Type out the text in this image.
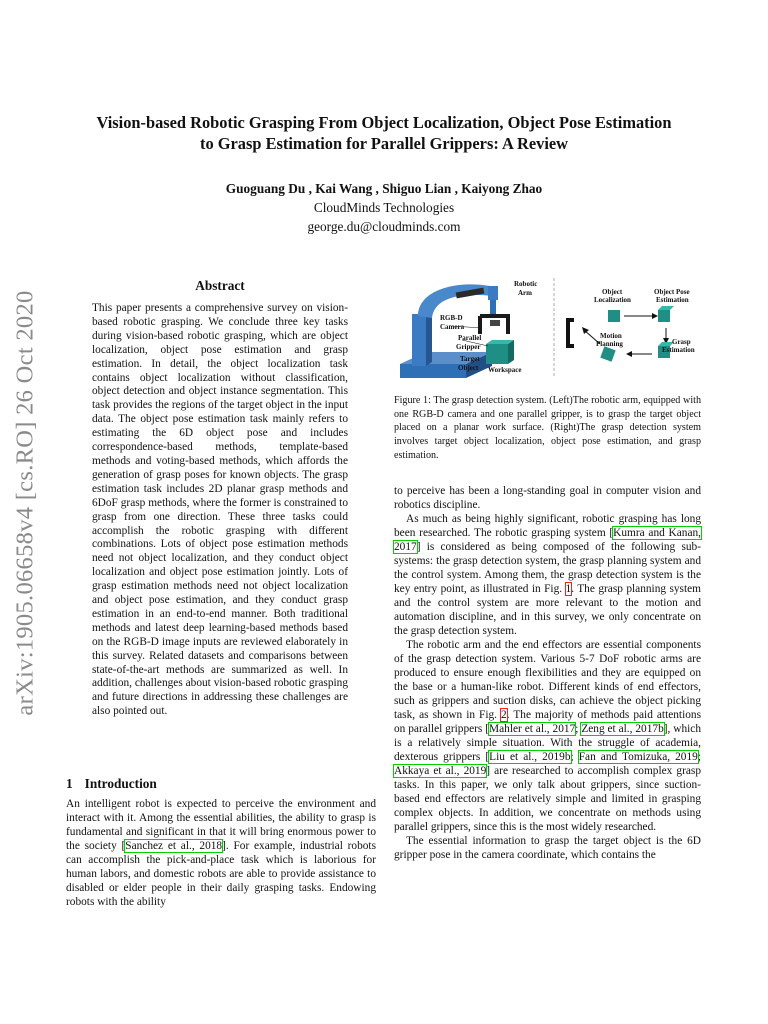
arXiv:1905.06658v4 [cs.RO] 26 Oct 2020
Vision-based Robotic Grasping From Object Localization, Object Pose Estimation
to Grasp Estimation for Parallel Grippers: A Review
Guoguang Du , Kai Wang , Shiguo Lian , Kaiyong Zhao
CloudMinds Technologies
george.du@cloudminds.com
Abstract

This paper presents a comprehensive survey on vision-based robotic grasping. We conclude three key tasks during vision-based robotic grasping, which are object localization, object pose estimation and grasp estimation. In detail, the object localization task contains object localization without classification, object detection and object instance segmentation. This task provides the regions of the target object in the input data. The object pose estimation task mainly refers to estimating the 6D object pose and includes correspondence-based methods, template-based methods and voting-based methods, which affords the generation of grasp poses for known objects. The grasp estimation task includes 2D planar grasp methods and 6DoF grasp methods, where the former is constrained to grasp from one direction. These three tasks could accomplish the robotic grasping with different combinations. Lots of object pose estimation methods need not object localization, and they conduct object localization and object pose estimation jointly. Lots of grasp estimation methods need not object localization and object pose estimation, and they conduct grasp estimation in an end-to-end manner. Both traditional methods and latest deep learning-based methods based on the RGB-D image inputs are reviewed elaborately in this survey. Related datasets and comparisons between state-of-the-art methods are summarized as well. In addition, challenges about vision-based robotic grasping and future directions in addressing these challenges are also pointed out.

1 Introduction

An intelligent robot is expected to perceive the environment and interact with it. Among the essential abilities, the ability to grasp is fundamental and significant in that it will bring enormous power to the society [Sanchez et al., 2018]. For example, industrial robots can accomplish the pick-and-place task which is laborious for human labors, and domestic robots are able to provide assistance to disabled or elder people in their daily grasping tasks. Endowing robots with the ability

Robotic
Arm
RGB-D
Camera
Parallel
Gripper
Target
Object Workspace
Object
Localization
Object Pose
Estimation
Motion
Planning	Grasp
Estimation

Figure 1: The grasp detection system. (Left)The robotic arm, equipped with one RGB-D camera and one parallel gripper, is to grasp the target object placed on a planar work surface. (Right)The grasp detection system involves target object localization, object pose estimation, and grasp estimation.

to perceive has been a long-standing goal in computer vision and robotics discipline.

As much as being highly significant, robotic grasping has long been researched. The robotic grasping system [Kumra and Kanan, 2017] is considered as being composed of the following sub-systems: the grasp detection system, the grasp planning system and the control system. Among them, the grasp detection system is the key entry point, as illustrated in Fig. 1. The grasp planning system and the control system are more relevant to the motion and automation discipline, and in this survey, we only concentrate on the grasp detection system.

The robotic arm and the end effectors are essential components of the grasp detection system. Various 5-7 DoF robotic arms are produced to ensure enough flexibilities and they are equipped on the base or a human-like robot. Different kinds of end effectors, such as grippers and suction disks, can achieve the object picking task, as shown in Fig. 2. The majority of methods paid attentions on parallel grippers [Mahler et al., 2017; Zeng et al., 2017b], which is a relatively simple situation. With the struggle of academia, dexterous grippers [Liu et al., 2019b; Fan and Tomizuka, 2019; Akkaya et al., 2019] are researched to accomplish complex grasp tasks. In this paper, we only talk about grippers, since suction-based end effectors are relatively simple and limited in grasping complex objects. In addition, we concentrate on methods using parallel grippers, since this is the most widely researched.

The essential information to grasp the target object is the 6D gripper pose in the camera coordinate, which contains the
